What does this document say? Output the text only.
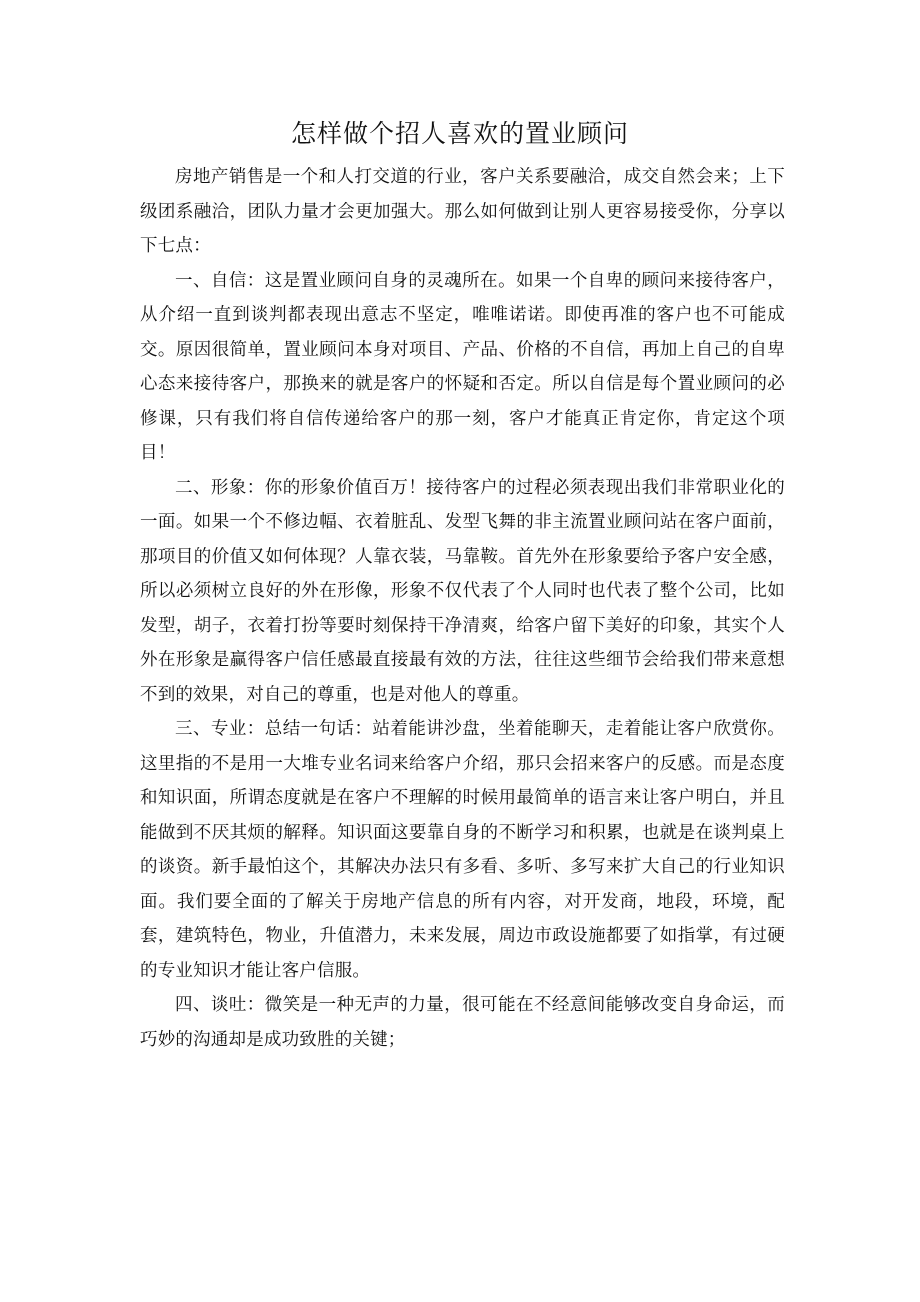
怎样做个招人喜欢的置业顾问

房地产销售是一个和人打交道的行业，客户关系要融洽，成交自然会来；上下级团系融洽，团队力量才会更加强大。那么如何做到让别人更容易接受你，分享以下七点：

一、自信：这是置业顾问自身的灵魂所在。如果一个自卑的顾问来接待客户，从介绍一直到谈判都表现出意志不坚定，唯唯诺诺。即使再准的客户也不可能成交。原因很简单，置业顾问本身对项目、产品、价格的不自信，再加上自己的自卑心态来接待客户，那换来的就是客户的怀疑和否定。所以自信是每个置业顾问的必修课，只有我们将自信传递给客户的那一刻，客户才能真正肯定你，肯定这个项目！

二、形象：你的形象价值百万！接待客户的过程必须表现出我们非常职业化的一面。如果一个不修边幅、衣着脏乱、发型飞舞的非主流置业顾问站在客户面前，那项目的价值又如何体现？人靠衣装，马靠鞍。首先外在形象要给予客户安全感，所以必须树立良好的外在形像，形象不仅代表了个人同时也代表了整个公司，比如发型，胡子，衣着打扮等要时刻保持干净清爽，给客户留下美好的印象，其实个人外在形象是赢得客户信任感最直接最有效的方法，往往这些细节会给我们带来意想不到的效果，对自己的尊重，也是对他人的尊重。

三、专业：总结一句话：站着能讲沙盘，坐着能聊天，走着能让客户欣赏你。这里指的不是用一大堆专业名词来给客户介绍，那只会招来客户的反感。而是态度和知识面，所谓态度就是在客户不理解的时候用最简单的语言来让客户明白，并且能做到不厌其烦的解释。知识面这要靠自身的不断学习和积累，也就是在谈判桌上的谈资。新手最怕这个，其解决办法只有多看、多听、多写来扩大自己的行业知识面。我们要全面的了解关于房地产信息的所有内容，对开发商，地段，环境，配套，建筑特色，物业，升值潜力，未来发展，周边市政设施都要了如指掌，有过硬的专业知识才能让客户信服。

四、谈吐：微笑是一种无声的力量，很可能在不经意间能够改变自身命运，而巧妙的沟通却是成功致胜的关键；
